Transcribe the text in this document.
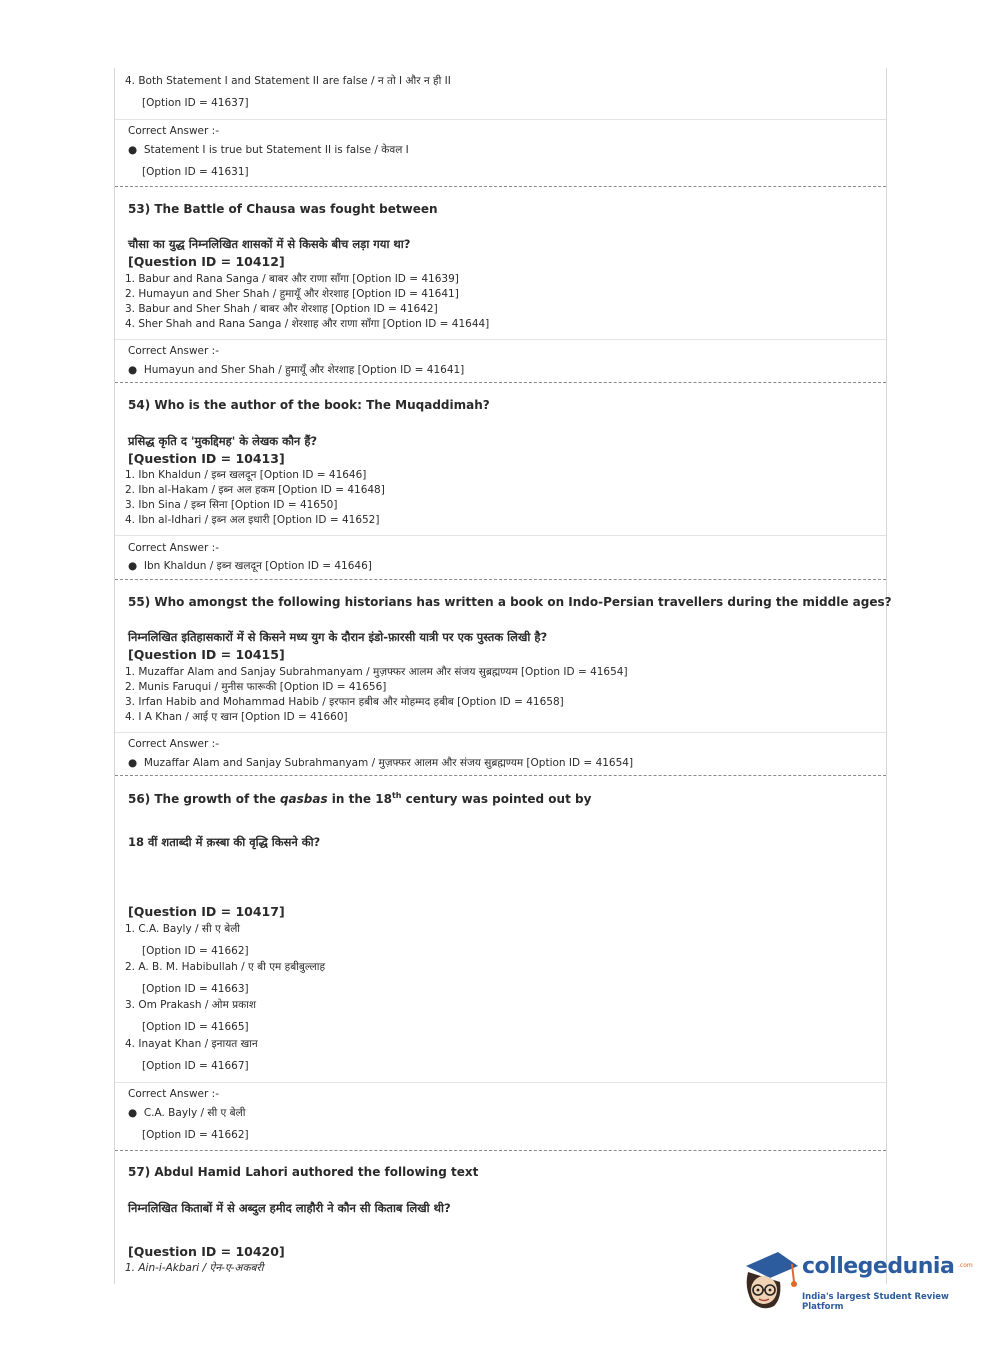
4. Both Statement I and Statement II are false / न तो I और न ही II
[Option ID = 41637]
Correct Answer :-
●  Statement I is true but Statement II is false / केवल I
[Option ID = 41631]
53) The Battle of Chausa was fought between
चौसा का युद्ध निम्नलिखित शासकों में से किसके बीच लड़ा गया था?
[Question ID = 10412]
1. Babur and Rana Sanga / बाबर और राणा साँगा [Option ID = 41639]
2. Humayun and Sher Shah / हुमायूँ और शेरशाह [Option ID = 41641]
3. Babur and Sher Shah / बाबर और शेरशाह [Option ID = 41642]
4. Sher Shah and Rana Sanga / शेरशाह और राणा साँगा [Option ID = 41644]
Correct Answer :-
●  Humayun and Sher Shah / हुमायूँ और शेरशाह [Option ID = 41641]
54) Who is the author of the book: The Muqaddimah?
प्रसिद्ध कृति द 'मुकद्दिमह' के लेखक कौन हैं?
[Question ID = 10413]
1. Ibn Khaldun / इब्न खलदून [Option ID = 41646]
2. Ibn al-Hakam / इब्न अल हकम [Option ID = 41648]
3. Ibn Sina / इब्न सिना [Option ID = 41650]
4. Ibn al-Idhari / इब्न अल इधारी [Option ID = 41652]
Correct Answer :-
●  Ibn Khaldun / इब्न खलदून [Option ID = 41646]
55) Who amongst the following historians has written a book on Indo-Persian travellers during the middle ages?
निम्नलिखित इतिहासकारों में से किसने मध्य युग के दौरान इंडो-फ़ारसी यात्री पर एक पुस्तक लिखी है?
[Question ID = 10415]
1. Muzaffar Alam and Sanjay Subrahmanyam / मुज़फ्फर आलम और संजय सुब्रह्मण्यम [Option ID = 41654]
2. Munis Faruqui / मुनीस फारूकी [Option ID = 41656]
3. Irfan Habib and Mohammad Habib / इरफान हबीब और मोहम्मद हबीब [Option ID = 41658]
4. I A Khan / आई ए खान [Option ID = 41660]
Correct Answer :-
●  Muzaffar Alam and Sanjay Subrahmanyam / मुज़फ्फर आलम और संजय सुब्रह्मण्यम [Option ID = 41654]
56) The growth of the qasbas in the 18th century was pointed out by
18 वीं शताब्दी में क़स्बा की वृद्धि किसने की?
[Question ID = 10417]
1. C.A. Bayly / सी ए बेली
[Option ID = 41662]
2. A. B. M. Habibullah / ए बी एम हबीबुल्लाह
[Option ID = 41663]
3. Om Prakash / ओम प्रकाश
[Option ID = 41665]
4. Inayat Khan / इनायत खान
[Option ID = 41667]
Correct Answer :-
●  C.A. Bayly / सी ए बेली
[Option ID = 41662]
57) Abdul Hamid Lahori authored the following text
निम्नलिखित किताबों में से अब्दुल हमीद लाहौरी ने कौन सी किताब लिखी थी?
[Question ID = 10420]
1. Ain-i-Akbari / ऐन-ए-अकबरी	collegedunia .com
India's largest Student Review Platform
